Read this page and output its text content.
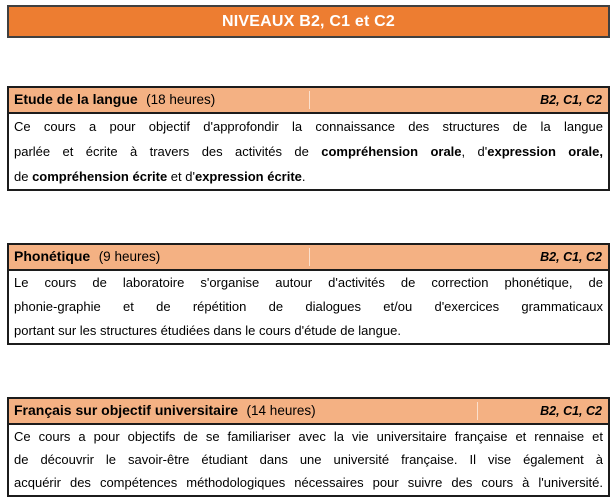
NIVEAUX B2, C1 et C2
Etude de la langue (18 heures)	B2, C1, C2
Ce cours a pour objectif d'approfondir la connaissance des structures de la langue
parlée et écrite à travers des activités de compréhension orale, d'expression orale,
de compréhension écrite et d'expression écrite.
Phonétique (9 heures)	B2, C1, C2
Le cours de laboratoire s'organise autour d'activités de correction phonétique, de
phonie-graphie et de répétition de dialogues et/ou d'exercices grammaticaux
portant sur les structures étudiées dans le cours d'étude de langue.
Français sur objectif universitaire (14 heures)	B2, C1, C2
Ce cours a pour objectifs de se familiariser avec la vie universitaire française et rennaise et
de découvrir le savoir-être étudiant dans une université française. Il vise également à
acquérir des compétences méthodologiques nécessaires pour suivre des cours à l'université.
